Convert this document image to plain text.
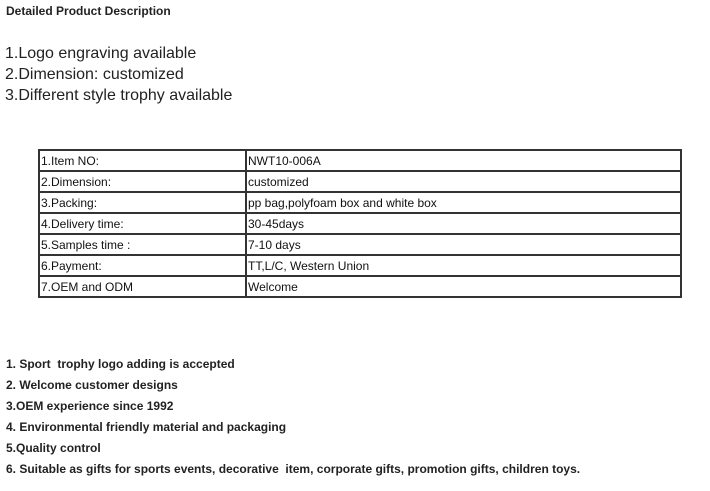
Detailed Product Description
1.Logo engraving available
2.Dimension: customized
3.Different style trophy available
1.Item NO:	NWT10-006A
2.Dimension:	customized
3.Packing:	pp bag,polyfoam box and white box
4.Delivery time:	30-45days
5.Samples time :	7-10 days
6.Payment:	TT,L/C, Western Union
7.OEM and ODM	Welcome
1. Sport  trophy logo adding is accepted
2. Welcome customer designs
3.OEM experience since 1992
4. Environmental friendly material and packaging
5.Quality control
6. Suitable as gifts for sports events, decorative  item, corporate gifts, promotion gifts, children toys.
